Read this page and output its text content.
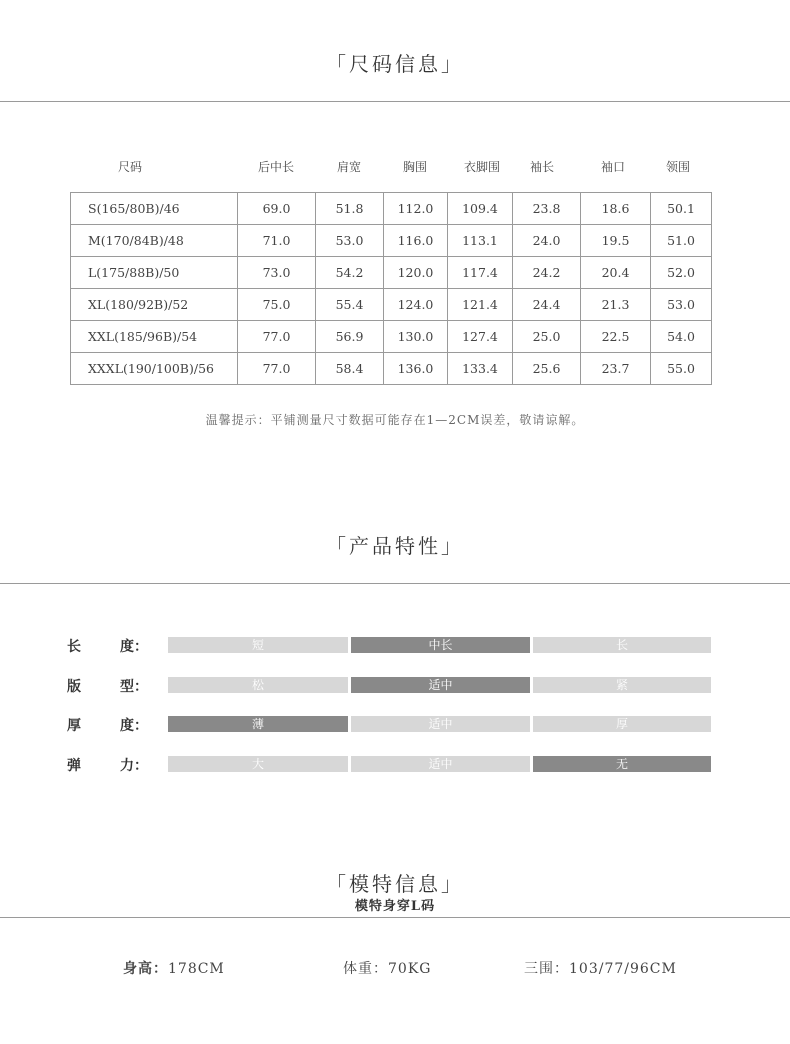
「尺码信息」
尺码	后中长	肩宽	胸围	衣脚围	袖长	袖口	领围
S(165/80B)/46	69.0	51.8	112.0	109.4	23.8	18.6	50.1
M(170/84B)/48	71.0	53.0	116.0	113.1	24.0	19.5	51.0
L(175/88B)/50	73.0	54.2	120.0	117.4	24.2	20.4	52.0
XL(180/92B)/52	75.0	55.4	124.0	121.4	24.4	21.3	53.0
XXL(185/96B)/54	77.0	56.9	130.0	127.4	25.0	22.5	54.0
XXXL(190/100B)/56	77.0	58.4	136.0	133.4	25.6	23.7	55.0
温馨提示：平铺测量尺寸数据可能存在1—2CM误差，敬请谅解。
「产品特性」
长	度：	短	中长	长
版	型：	松	适中	紧
厚	度：	薄	适中	厚
弹	力：	大	适中	无
「模特信息」
模特身穿L码
身高：178CM	体重：70KG	三围：103/77/96CM
